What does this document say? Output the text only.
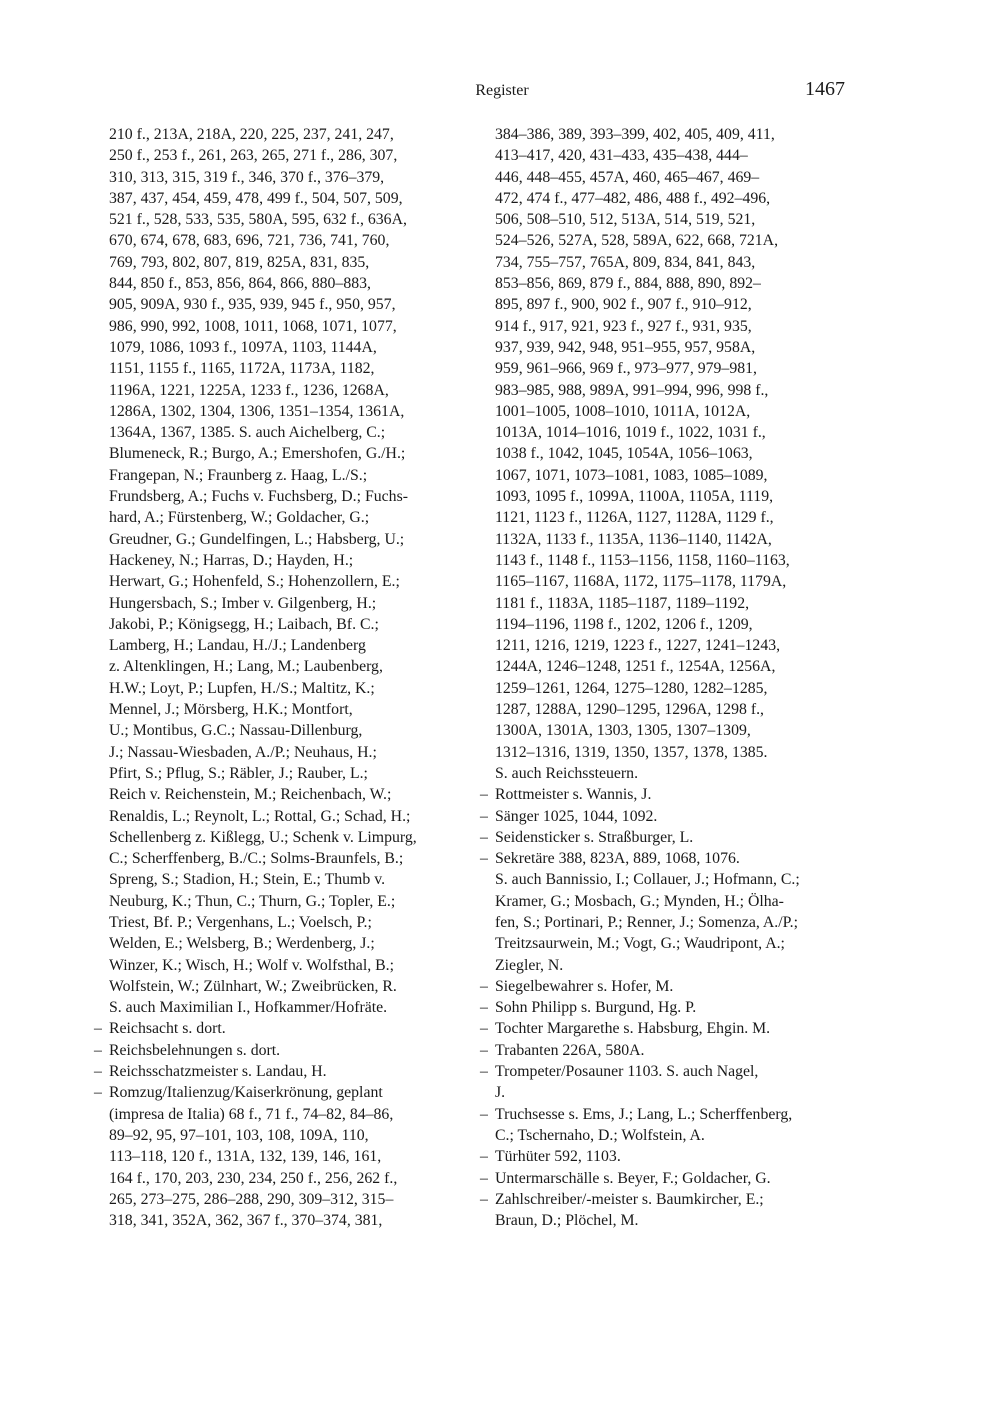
Register	1467

210 f., 213A, 218A, 220, 225, 237, 241, 247,
250 f., 253 f., 261, 263, 265, 271 f., 286, 307,
310, 313, 315, 319 f., 346, 370 f., 376–379,
387, 437, 454, 459, 478, 499 f., 504, 507, 509,
521 f., 528, 533, 535, 580A, 595, 632 f., 636A,
670, 674, 678, 683, 696, 721, 736, 741, 760,
769, 793, 802, 807, 819, 825A, 831, 835,
844, 850 f., 853, 856, 864, 866, 880–883,
905, 909A, 930 f., 935, 939, 945 f., 950, 957,
986, 990, 992, 1008, 1011, 1068, 1071, 1077,
1079, 1086, 1093 f., 1097A, 1103, 1144A,
1151, 1155 f., 1165, 1172A, 1173A, 1182,
1196A, 1221, 1225A, 1233 f., 1236, 1268A,
1286A, 1302, 1304, 1306, 1351–1354, 1361A,
1364A, 1367, 1385. S. auch Aichelberg, C.;
Blumeneck, R.; Burgo, A.; Emershofen, G./H.;
Frangepan, N.; Fraunberg z. Haag, L./S.;
Frundsberg, A.; Fuchs v. Fuchsberg, D.; Fuchs-
hard, A.; Fürstenberg, W.; Goldacher, G.;
Greudner, G.; Gundelfingen, L.; Habsberg, U.;
Hackeney, N.; Harras, D.; Hayden, H.;
Herwart, G.; Hohenfeld, S.; Hohenzollern, E.;
Hungersbach, S.; Imber v. Gilgenberg, H.;
Jakobi, P.; Königsegg, H.; Laibach, Bf. C.;
Lamberg, H.; Landau, H./J.; Landenberg
z. Altenklingen, H.; Lang, M.; Laubenberg,
H.W.; Loyt, P.; Lupfen, H./S.; Maltitz, K.;
Mennel, J.; Mörsberg, H.K.; Montfort,
U.; Montibus, G.C.; Nassau-Dillenburg,
J.; Nassau-Wiesbaden, A./P.; Neuhaus, H.;
Pfirt, S.; Pflug, S.; Räbler, J.; Rauber, L.;
Reich v. Reichenstein, M.; Reichenbach, W.;
Renaldis, L.; Reynolt, L.; Rottal, G.; Schad, H.;
Schellenberg z. Kißlegg, U.; Schenk v. Limpurg,
C.; Scherffenberg, B./C.; Solms-Braunfels, B.;
Spreng, S.; Stadion, H.; Stein, E.; Thumb v.
Neuburg, K.; Thun, C.; Thurn, G.; Topler, E.;
Triest, Bf. P.; Vergenhans, L.; Voelsch, P.;
Welden, E.; Welsberg, B.; Werdenberg, J.;
Winzer, K.; Wisch, H.; Wolf v. Wolfsthal, B.;
Wolfstein, W.; Zülnhart, W.; Zweibrücken, R.
S. auch Maximilian I., Hofkammer/Hofräte.

– Reichsacht s. dort.

– Reichsbelehnungen s. dort.

– Reichsschatzmeister s. Landau, H.

– Romzug/Italienzug/Kaiserkrönung, geplant
(impresa de Italia) 68 f., 71 f., 74–82, 84–86,
89–92, 95, 97–101, 103, 108, 109A, 110,
113–118, 120 f., 131A, 132, 139, 146, 161,
164 f., 170, 203, 230, 234, 250 f., 256, 262 f.,
265, 273–275, 286–288, 290, 309–312, 315–
318, 341, 352A, 362, 367 f., 370–374, 381,

384–386, 389, 393–399, 402, 405, 409, 411,
413–417, 420, 431–433, 435–438, 444–
446, 448–455, 457A, 460, 465–467, 469–
472, 474 f., 477–482, 486, 488 f., 492–496,
506, 508–510, 512, 513A, 514, 519, 521,
524–526, 527A, 528, 589A, 622, 668, 721A,
734, 755–757, 765A, 809, 834, 841, 843,
853–856, 869, 879 f., 884, 888, 890, 892–
895, 897 f., 900, 902 f., 907 f., 910–912,
914 f., 917, 921, 923 f., 927 f., 931, 935,
937, 939, 942, 948, 951–955, 957, 958A,
959, 961–966, 969 f., 973–977, 979–981,
983–985, 988, 989A, 991–994, 996, 998 f.,
1001–1005, 1008–1010, 1011A, 1012A,
1013A, 1014–1016, 1019 f., 1022, 1031 f.,
1038 f., 1042, 1045, 1054A, 1056–1063,
1067, 1071, 1073–1081, 1083, 1085–1089,
1093, 1095 f., 1099A, 1100A, 1105A, 1119,
1121, 1123 f., 1126A, 1127, 1128A, 1129 f.,
1132A, 1133 f., 1135A, 1136–1140, 1142A,
1143 f., 1148 f., 1153–1156, 1158, 1160–1163,
1165–1167, 1168A, 1172, 1175–1178, 1179A,
1181 f., 1183A, 1185–1187, 1189–1192,
1194–1196, 1198 f., 1202, 1206 f., 1209,
1211, 1216, 1219, 1223 f., 1227, 1241–1243,
1244A, 1246–1248, 1251 f., 1254A, 1256A,
1259–1261, 1264, 1275–1280, 1282–1285,
1287, 1288A, 1290–1295, 1296A, 1298 f.,
1300A, 1301A, 1303, 1305, 1307–1309,
1312–1316, 1319, 1350, 1357, 1378, 1385.
S. auch Reichssteuern.

– Rottmeister s. Wannis, J.

– Sänger 1025, 1044, 1092.

– Seidensticker s. Straßburger, L.

– Sekretäre 388, 823A, 889, 1068, 1076.
S. auch Bannissio, I.; Collauer, J.; Hofmann, C.;
Kramer, G.; Mosbach, G.; Mynden, H.; Ölha-
fen, S.; Portinari, P.; Renner, J.; Somenza, A./P.;
Treitzsaurwein, M.; Vogt, G.; Waudripont, A.;
Ziegler, N.

– Siegelbewahrer s. Hofer, M.

– Sohn Philipp s. Burgund, Hg. P.

– Tochter Margarethe s. Habsburg, Ehgin. M.

– Trabanten 226A, 580A.

– Trompeter/Posauner 1103. S. auch Nagel,
J.

– Truchsesse s. Ems, J.; Lang, L.; Scherffenberg,
C.; Tschernaho, D.; Wolfstein, A.

– Türhüter 592, 1103.

– Untermarschälle s. Beyer, F.; Goldacher, G.

– Zahlschreiber/-meister s. Baumkircher, E.;
Braun, D.; Plöchel, M.
